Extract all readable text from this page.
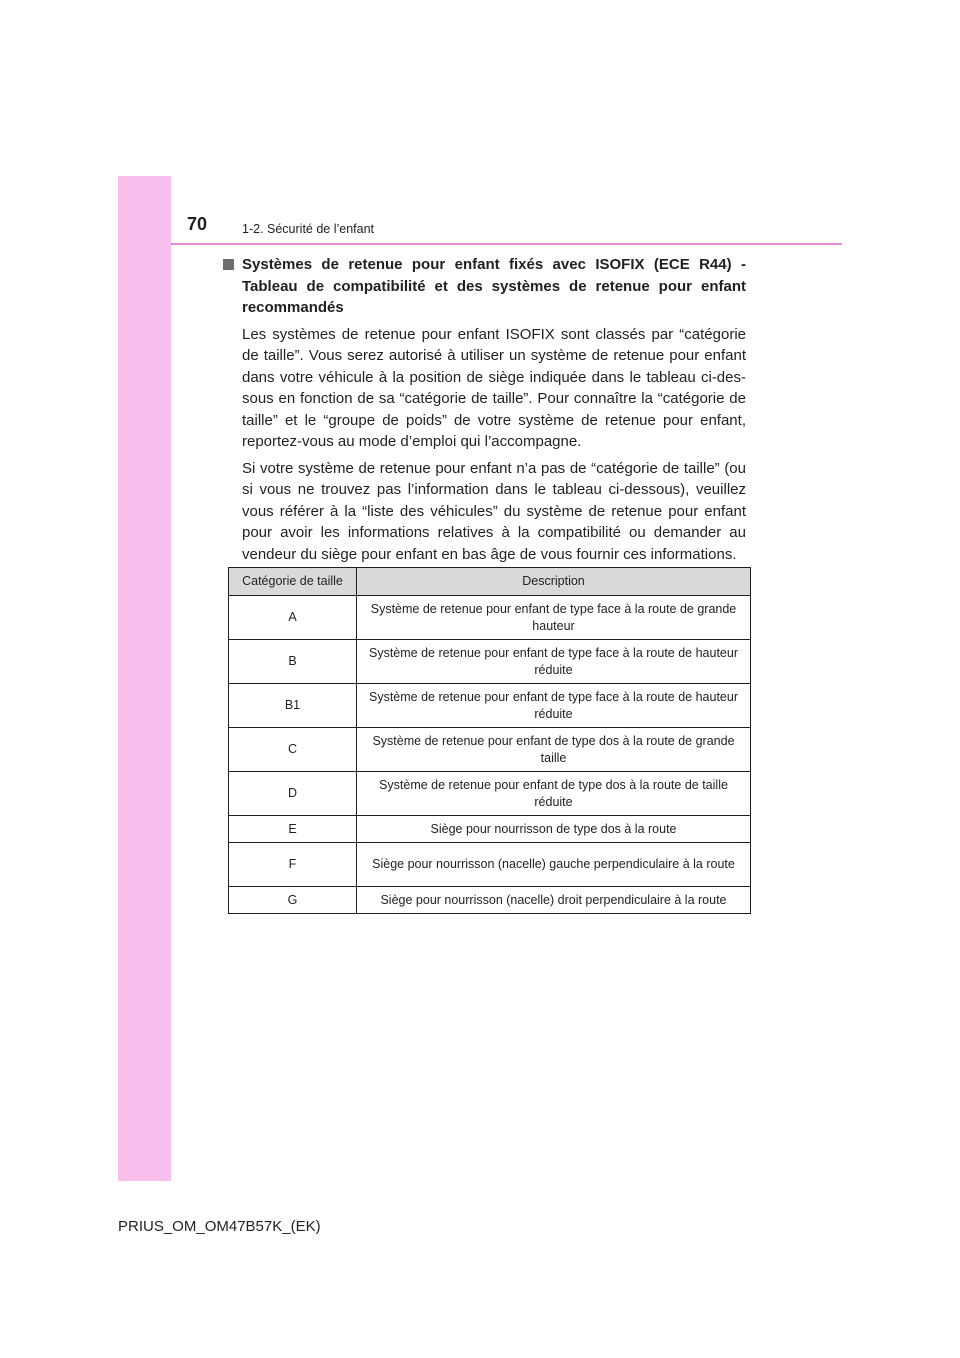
70	1-2. Sécurité de l’enfant
Systèmes de retenue pour enfant fixés avec ISOFIX (ECE R44) - Tableau de compatibilité et des systèmes de retenue pour enfant recommandés

Les systèmes de retenue pour enfant ISOFIX sont classés par “catégorie de taille”. Vous serez autorisé à utiliser un système de retenue pour enfant dans votre véhicule à la position de siège indiquée dans le tableau ci-dessous en fonction de sa “catégorie de taille”. Pour connaître la “catégorie de taille” et le “groupe de poids” de votre système de retenue pour enfant, reportez-vous au mode d’emploi qui l’accompagne.

Si votre système de retenue pour enfant n’a pas de “catégorie de taille” (ou si vous ne trouvez pas l’information dans le tableau ci-dessous), veuillez vous référer à la “liste des véhicules” du système de retenue pour enfant pour avoir les informations relatives à la compatibilité ou demander au vendeur du siège pour enfant en bas âge de vous fournir ces informations.

Catégorie de taille	Description
A	Système de retenue pour enfant de type face à la route de grande hauteur
B	Système de retenue pour enfant de type face à la route de hauteur réduite
B1	Système de retenue pour enfant de type face à la route de hauteur réduite
C	Système de retenue pour enfant de type dos à la route de grande taille
D	Système de retenue pour enfant de type dos à la route de taille réduite
E	Siège pour nourrisson de type dos à la route
F	Siège pour nourrisson (nacelle) gauche perpendiculaire à la route
G	Siège pour nourrisson (nacelle) droit perpendiculaire à la route
PRIUS_OM_OM47B57K_(EK)
